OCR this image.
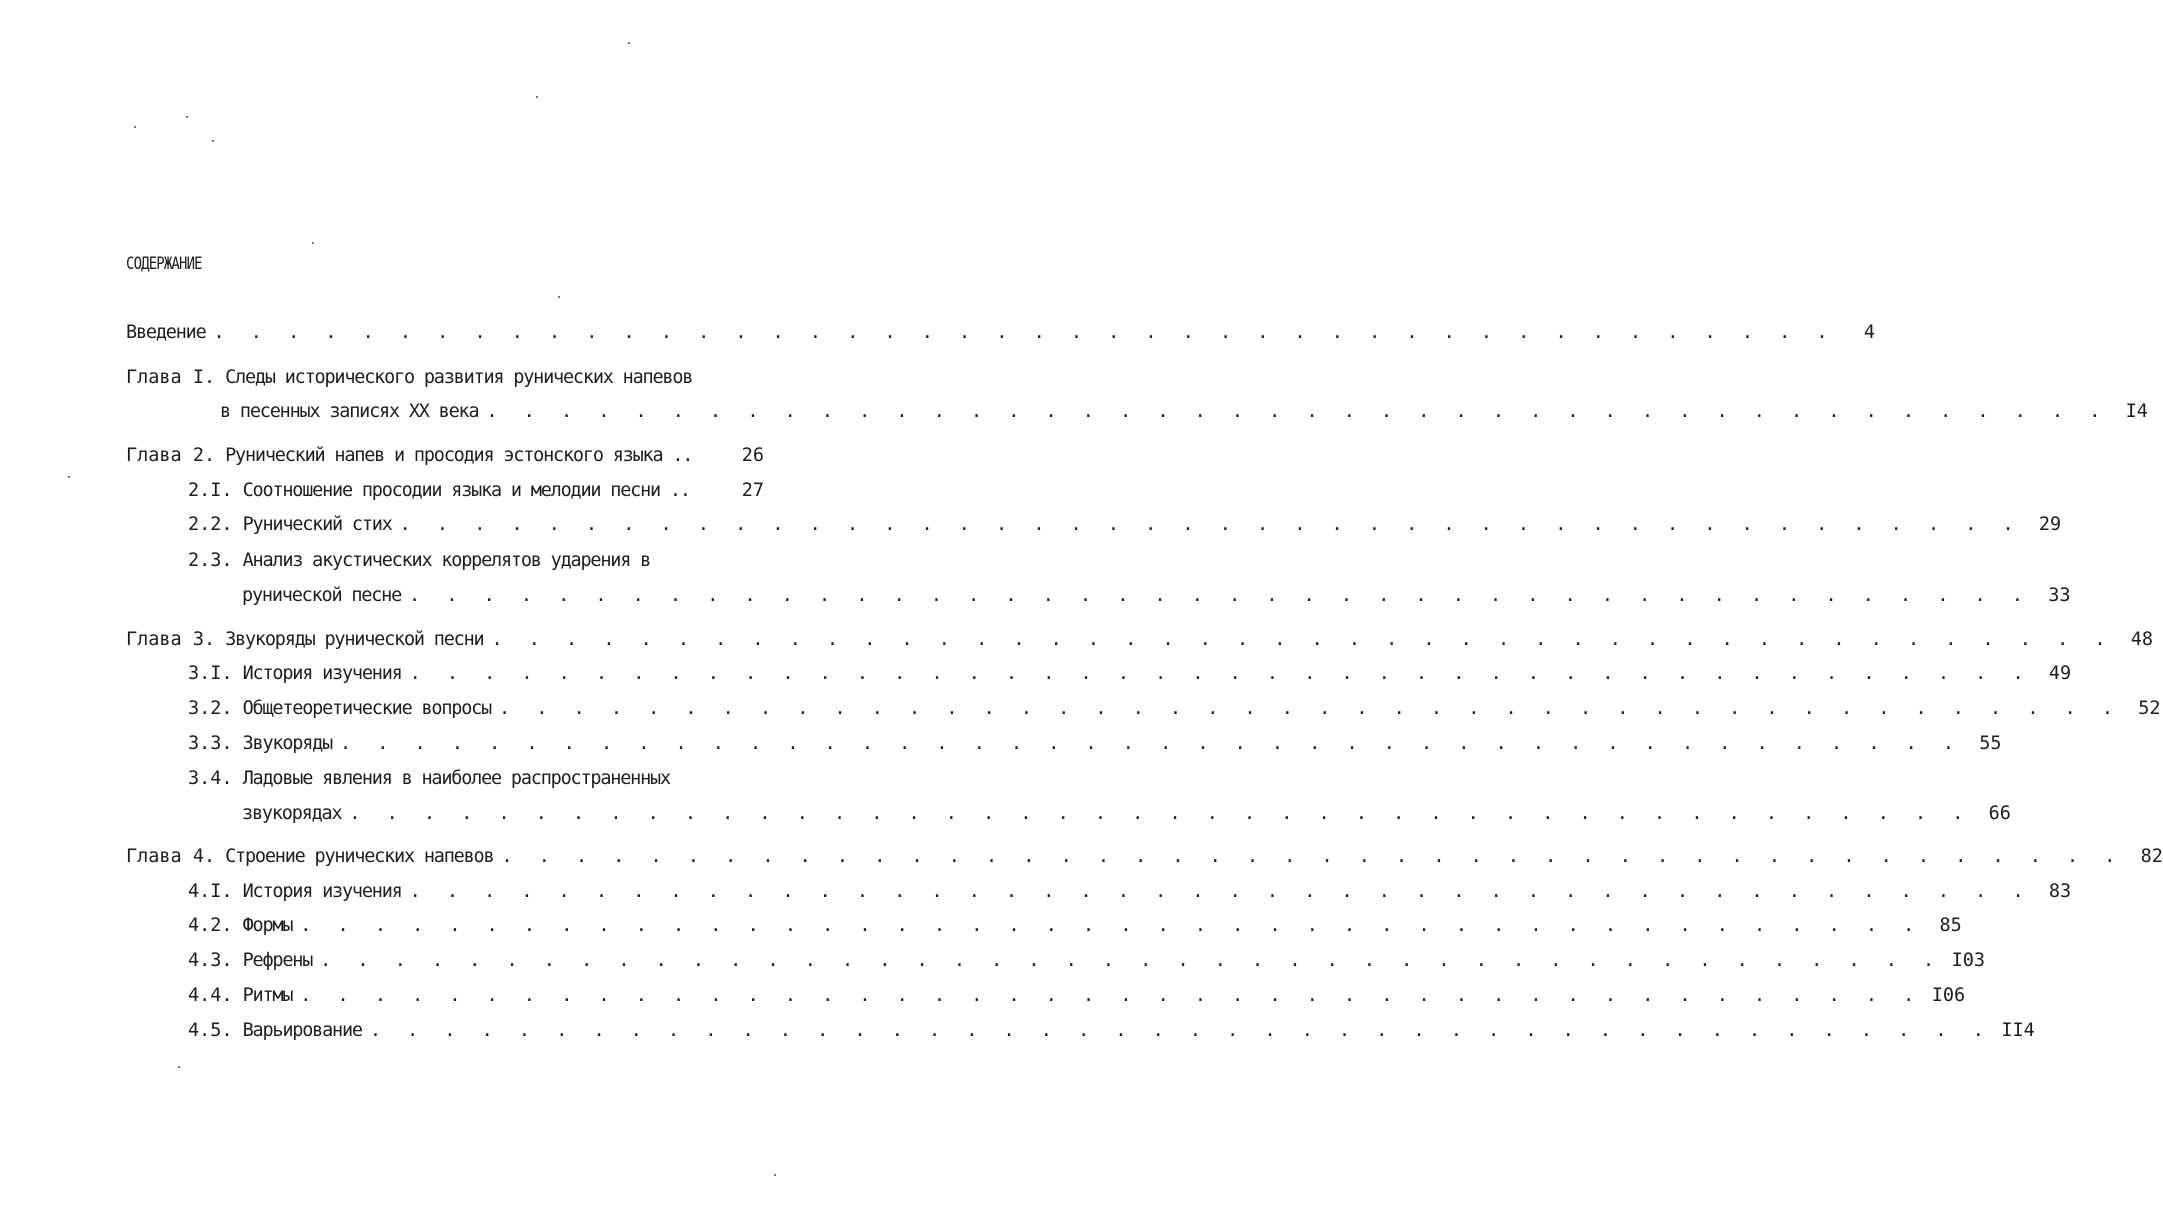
СОДЕРЖАНИЕ
Введение . . . . . . . . . . . . . . . . . . . . . . . . . . . . . . . . . . . . . . . . . . . .	4
Глава I. Следы исторического развития рунических напевов
в песенных записях XX века . . . . . . . . . . . . . . . . . . . . . . . . . . . . . . . . . . . . . . . . . . . . I4
Глава 2. Рунический напев и просодия эстонского языка ..	26
2.I. Соотношение просодии языка и мелодии песни ..	27
2.2. Рунический стих . . . . . . . . . . . . . . . . . . . . . . . . . . . . . . . . . . . . . . . . . . . . 29
2.3. Анализ акустических коррелятов ударения в
рунической песне . . . . . . . . . . . . . . . . . . . . . . . . . . . . . . . . . . . . . . . . . . . . 33
Глава 3. Звукоряды рунической песни . . . . . . . . . . . . . . . . . . . . . . . . . . . . . . . . . . . . . . . . . . . . 48
3.I. История изучения . . . . . . . . . . . . . . . . . . . . . . . . . . . . . . . . . . . . . . . . . . . . 49
3.2. Общетеоретические вопросы . . . . . . . . . . . . . . . . . . . . . . . . . . . . . . . . . . . . . . . . . . . . 52
3.3. Звукоряды . . . . . . . . . . . . . . . . . . . . . . . . . . . . . . . . . . . . . . . . . . . . 55
3.4. Ладовые явления в наиболее распространенных
звукорядах . . . . . . . . . . . . . . . . . . . . . . . . . . . . . . . . . . . . . . . . . . . . 66
Глава 4. Строение рунических напевов . . . . . . . . . . . . . . . . . . . . . . . . . . . . . . . . . . . . . . . . . . . . 82
4.I. История изучения . . . . . . . . . . . . . . . . . . . . . . . . . . . . . . . . . . . . . . . . . . . . 83
4.2. Формы . . . . . . . . . . . . . . . . . . . . . . . . . . . . . . . . . . . . . . . . . . . . 85
4.3. Рефрены . . . . . . . . . . . . . . . . . . . . . . . . . . . . . . . . . . . . . . . . . . . . I03
4.4. Ритмы . . . . . . . . . . . . . . . . . . . . . . . . . . . . . . . . . . . . . . . . . . . . I06
4.5. Варьирование . . . . . . . . . . . . . . . . . . . . . . . . . . . . . . . . . . . . . . . . . . . . II4
